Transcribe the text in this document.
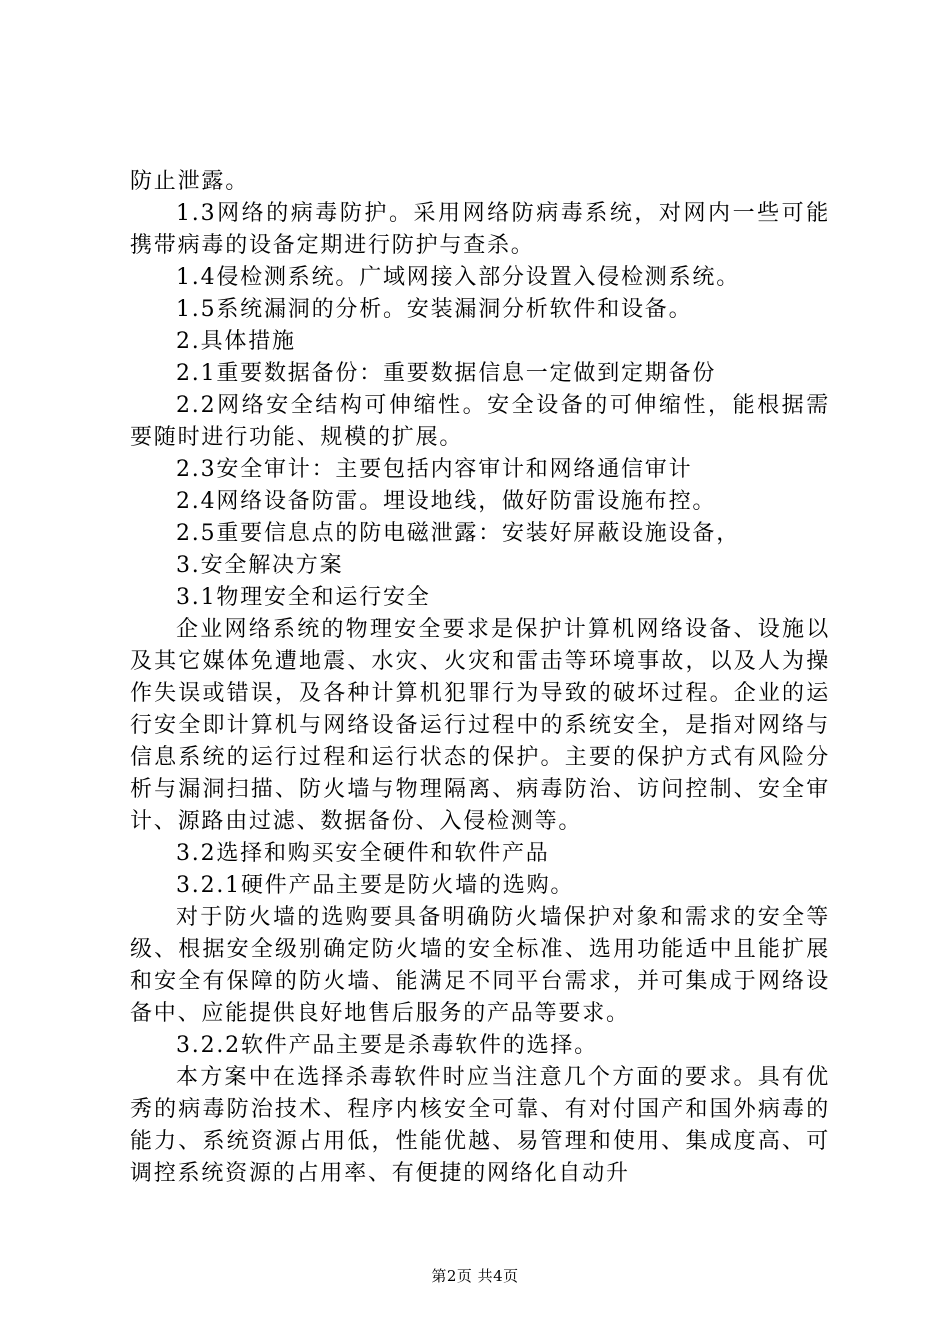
防止泄露。

1.3网络的病毒防护。采用网络防病毒系统，对网内一些可能携带病毒的设备定期进行防护与查杀。

1.4侵检测系统。广域网接入部分设置入侵检测系统。

1.5系统漏洞的分析。安装漏洞分析软件和设备。

2.具体措施

2.1重要数据备份：重要数据信息一定做到定期备份

2.2网络安全结构可伸缩性。安全设备的可伸缩性，能根据需要随时进行功能、规模的扩展。

2.3安全审计：主要包括内容审计和网络通信审计

2.4网络设备防雷。埋设地线，做好防雷设施布控。

2.5重要信息点的防电磁泄露：安装好屏蔽设施设备，

3.安全解决方案

3.1物理安全和运行安全

企业网络系统的物理安全要求是保护计算机网络设备、设施以及其它媒体免遭地震、水灾、火灾和雷击等环境事故，以及人为操作失误或错误，及各种计算机犯罪行为导致的破坏过程。企业的运行安全即计算机与网络设备运行过程中的系统安全，是指对网络与信息系统的运行过程和运行状态的保护。主要的保护方式有风险分析与漏洞扫描、防火墙与物理隔离、病毒防治、访问控制、安全审计、源路由过滤、数据备份、入侵检测等。

3.2选择和购买安全硬件和软件产品

3.2.1硬件产品主要是防火墙的选购。

对于防火墙的选购要具备明确防火墙保护对象和需求的安全等级、根据安全级别确定防火墙的安全标准、选用功能适中且能扩展和安全有保障的防火墙、能满足不同平台需求，并可集成于网络设备中、应能提供良好地售后服务的产品等要求。

3.2.2软件产品主要是杀毒软件的选择。

本方案中在选择杀毒软件时应当注意几个方面的要求。具有优秀的病毒防治技术、程序内核安全可靠、有对付国产和国外病毒的能力、系统资源占用低，性能优越、易管理和使用、集成度高、可调控系统资源的占用率、有便捷的网络化自动升

第2页 共4页
